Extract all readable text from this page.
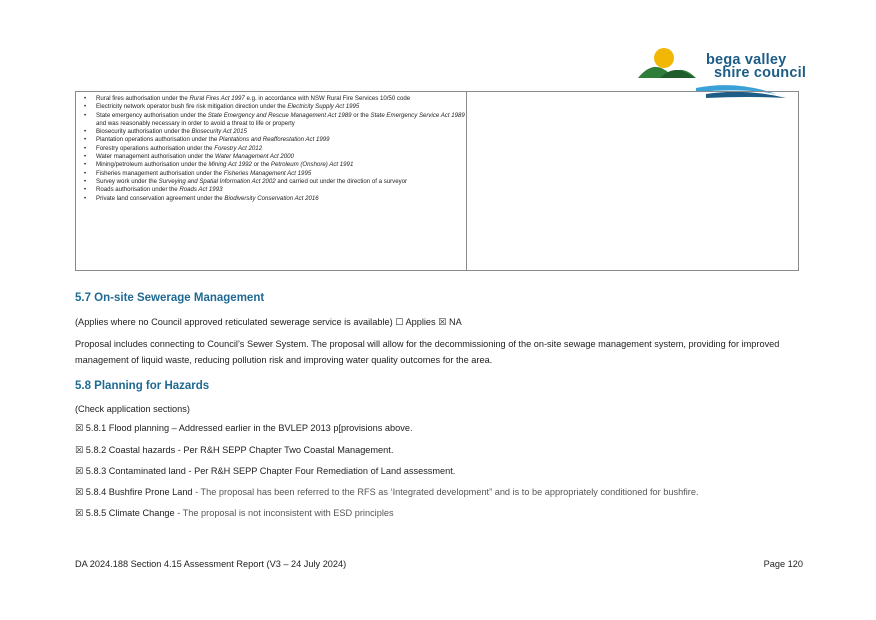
bega valley
shire council
• Rural fires authorisation under the Rural Fires Act 1997 e.g. in accordance with NSW Rural Fire Services 10/50 code
• Electricity network operator bush fire risk mitigation direction under the Electricity Supply Act 1995
• State emergency authorisation under the State Emergency and Rescue Management Act 1989 or the State Emergency Service Act 1989 and was reasonably necessary in order to avoid a threat to life or property
• Biosecurity authorisation under the Biosecurity Act 2015
• Plantation operations authorisation under the Plantations and Reafforestation Act 1999
• Forestry operations authorisation under the Forestry Act 2012
• Water management authorisation under the Water Management Act 2000
• Mining/petroleum authorisation under the Mining Act 1992 or the Petroleum (Onshore) Act 1991
• Fisheries management authorisation under the Fisheries Management Act 1995
• Survey work under the Surveying and Spatial Information Act 2002 and carried out under the direction of a surveyor
• Roads authorisation under the Roads Act 1993
• Private land conservation agreement under the Biodiversity Conservation Act 2016
5.7 On-site Sewerage Management
(Applies where no Council approved reticulated sewerage service is available) ☐ Applies ☒ NA
Proposal includes connecting to Council’s Sewer System. The proposal will allow for the decommissioning of the on-site sewage management system, providing for improved management of liquid waste, reducing pollution risk and improving water quality outcomes for the area.
5.8 Planning for Hazards
(Check application sections)
☒ 5.8.1 Flood planning – Addressed earlier in the BVLEP 2013 p[provisions above.
☒ 5.8.2 Coastal hazards - Per R&H SEPP Chapter Two Coastal Management.
☒ 5.8.3 Contaminated land - Per R&H SEPP Chapter Four Remediation of Land assessment.
☒ 5.8.4 Bushfire Prone Land - The proposal has been referred to the RFS as ‘Integrated development” and is to be appropriately conditioned for bushfire.
☒ 5.8.5 Climate Change - The proposal is not inconsistent with ESD principles
DA 2024.188 Section 4.15 Assessment Report (V3 – 24 July 2024)	Page 120
